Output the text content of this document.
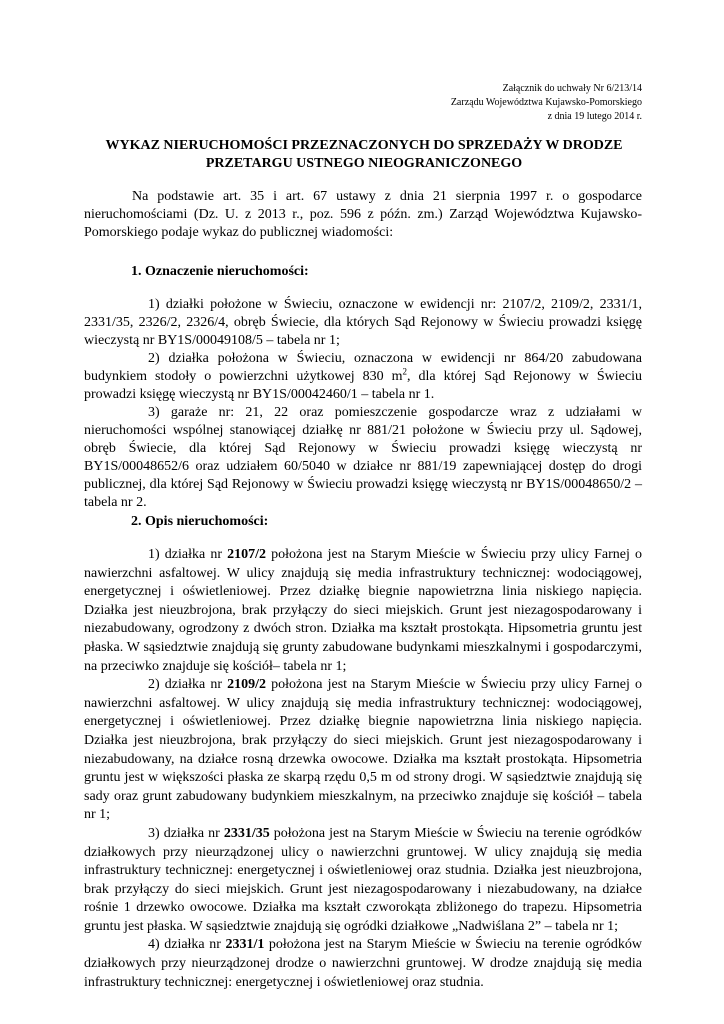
Załącznik do uchwały Nr 6/213/14
Zarządu Województwa Kujawsko-Pomorskiego
z dnia 19 lutego 2014 r.
WYKAZ NIERUCHOMOŚCI PRZEZNACZONYCH DO SPRZEDAŻY W DRODZE
PRZETARGU USTNEGO NIEOGRANICZONEGO

Na podstawie art. 35 i art. 67 ustawy z dnia 21 sierpnia 1997 r. o gospodarce nieruchomościami (Dz. U. z 2013 r., poz. 596 z późn. zm.) Zarząd Województwa Kujawsko-Pomorskiego podaje wykaz do publicznej wiadomości:

1. Oznaczenie nieruchomości:

1) działki położone w Świeciu, oznaczone w ewidencji nr: 2107/2, 2109/2, 2331/1, 2331/35, 2326/2, 2326/4, obręb Świecie, dla których Sąd Rejonowy w Świeciu prowadzi księgę wieczystą nr BY1S/00049108/5 – tabela nr 1;

2) działka położona w Świeciu, oznaczona w ewidencji nr 864/20 zabudowana budynkiem stodoły o powierzchni użytkowej 830 $m^2$, dla której Sąd Rejonowy w Świeciu prowadzi księgę wieczystą nr BY1S/00042460/1 – tabela nr 1.

3) garaże nr: 21, 22 oraz pomieszczenie gospodarcze wraz z udziałami w nieruchomości wspólnej stanowiącej działkę nr 881/21 położone w Świeciu przy ul. Sądowej, obręb Świecie, dla której Sąd Rejonowy w Świeciu prowadzi księgę wieczystą nr BY1S/00048652/6 oraz udziałem 60/5040 w działce nr 881/19 zapewniającej dostęp do drogi publicznej, dla której Sąd Rejonowy w Świeciu prowadzi księgę wieczystą nr BY1S/00048650/2 – tabela nr 2.

2. Opis nieruchomości:

1) działka nr 2107/2 położona jest na Starym Mieście w Świeciu przy ulicy Farnej o nawierzchni asfaltowej. W ulicy znajdują się media infrastruktury technicznej: wodociągowej, energetycznej i oświetleniowej. Przez działkę biegnie napowietrzna linia niskiego napięcia. Działka jest nieuzbrojona, brak przyłączy do sieci miejskich. Grunt jest niezagospodarowany i niezabudowany, ogrodzony z dwóch stron. Działka ma kształt prostokąta. Hipsometria gruntu jest płaska. W sąsiedztwie znajdują się grunty zabudowane budynkami mieszkalnymi i gospodarczymi, na przeciwko znajduje się kościół– tabela nr 1;

2) działka nr 2109/2 położona jest na Starym Mieście w Świeciu przy ulicy Farnej o nawierzchni asfaltowej. W ulicy znajdują się media infrastruktury technicznej: wodociągowej, energetycznej i oświetleniowej. Przez działkę biegnie napowietrzna linia niskiego napięcia. Działka jest nieuzbrojona, brak przyłączy do sieci miejskich. Grunt jest niezagospodarowany i niezabudowany, na działce rosną drzewka owocowe. Działka ma kształt prostokąta. Hipsometria gruntu jest w większości płaska ze skarpą rzędu 0,5 m od strony drogi. W sąsiedztwie znajdują się sady oraz grunt zabudowany budynkiem mieszkalnym, na przeciwko znajduje się kościół – tabela nr 1;

3) działka nr 2331/35 położona jest na Starym Mieście w Świeciu na terenie ogródków działkowych przy nieurządzonej ulicy o nawierzchni gruntowej. W ulicy znajdują się media infrastruktury technicznej: energetycznej i oświetleniowej oraz studnia. Działka jest nieuzbrojona, brak przyłączy do sieci miejskich. Grunt jest niezagospodarowany i niezabudowany, na działce rośnie 1 drzewko owocowe. Działka ma kształt czworokąta zbliżonego do trapezu. Hipsometria gruntu jest płaska. W sąsiedztwie znajdują się ogródki działkowe „Nadwiślana 2” – tabela nr 1;

4) działka nr 2331/1 położona jest na Starym Mieście w Świeciu na terenie ogródków działkowych przy nieurządzonej drodze o nawierzchni gruntowej. W drodze znajdują się media infrastruktury technicznej: energetycznej i oświetleniowej oraz studnia.
